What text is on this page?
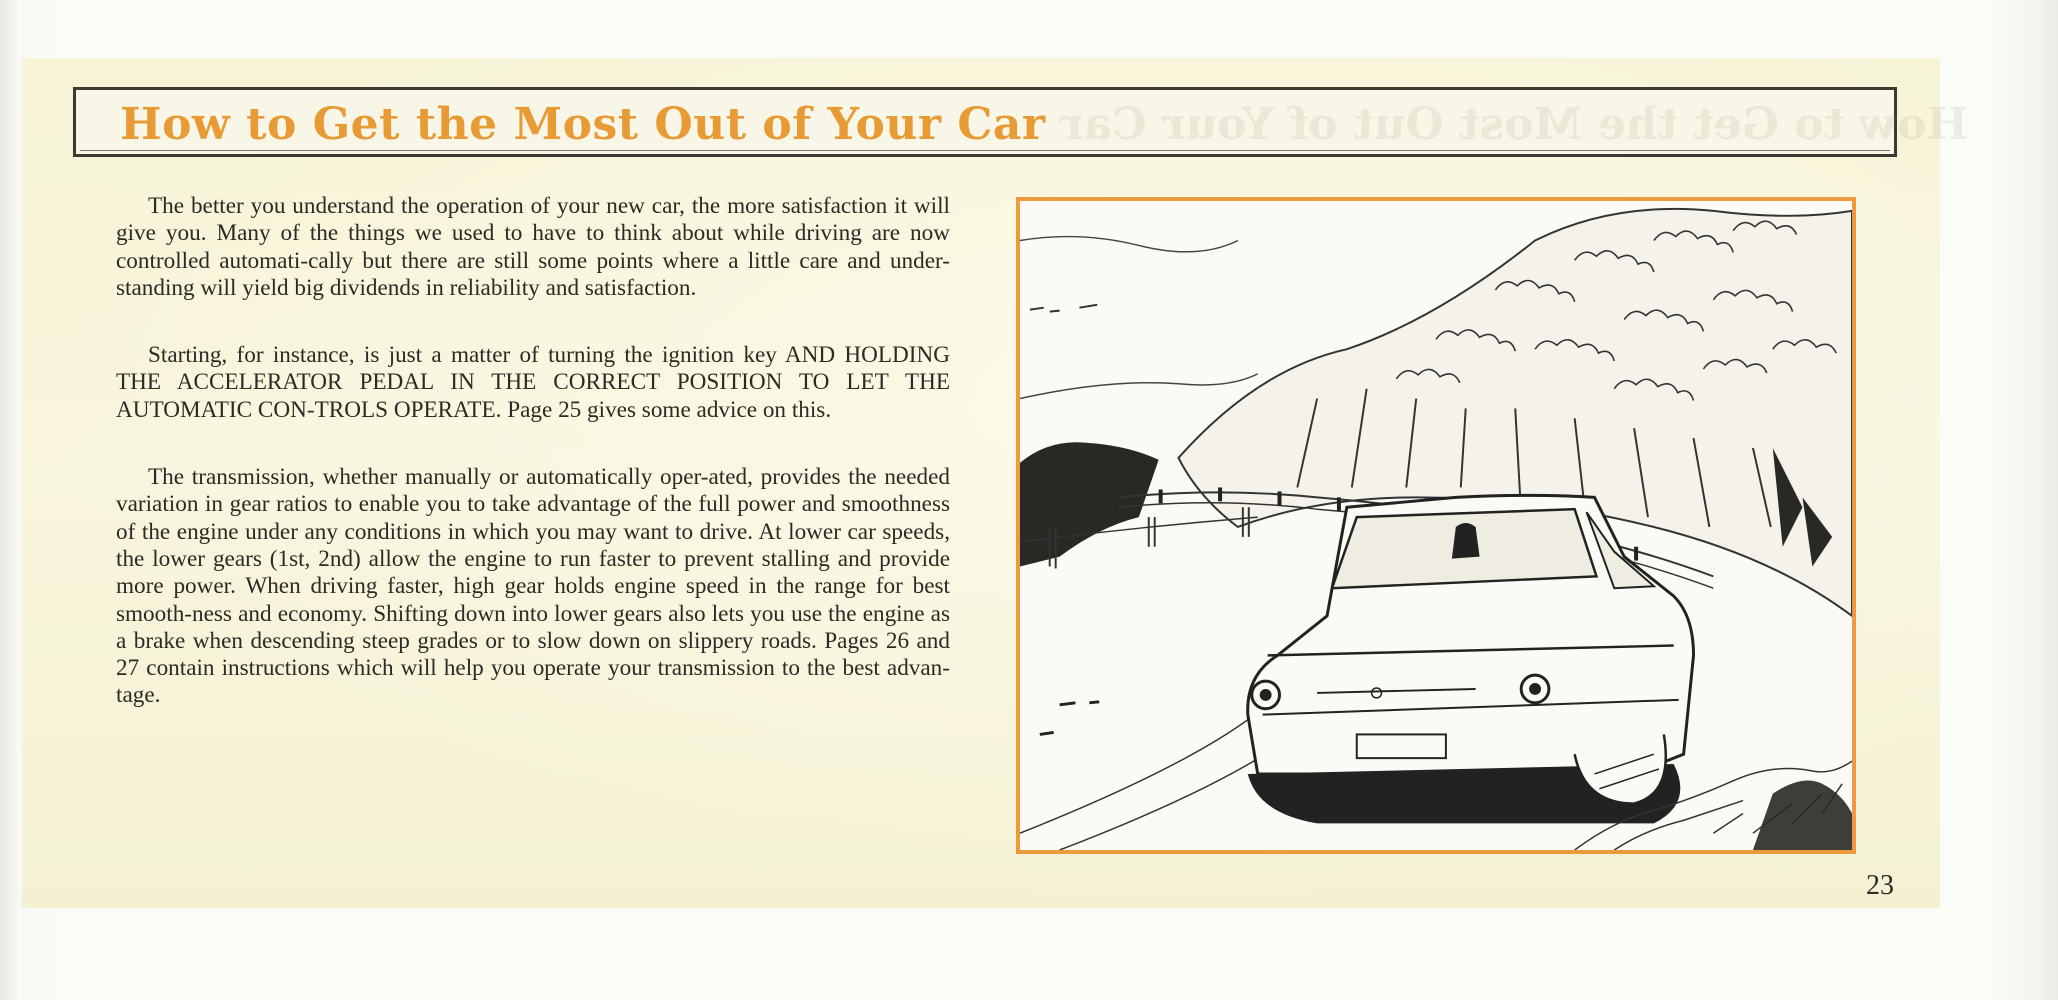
How to Get the Most Out of Your Car
How to Get the Most Out of Your Car

The better you understand the operation of your new car, the more satisfaction it will give you. Many of the things we used to have to think about while driving are now controlled automati-cally but there are still some points where a little care and under-standing will yield big dividends in reliability and satisfaction.

Starting, for instance, is just a matter of turning the ignition key AND HOLDING THE ACCELERATOR PEDAL IN THE CORRECT POSITION TO LET THE AUTOMATIC CON-TROLS OPERATE. Page 25 gives some advice on this.

The transmission, whether manually or automatically oper-ated, provides the needed variation in gear ratios to enable you to take advantage of the full power and smoothness of the engine under any conditions in which you may want to drive. At lower car speeds, the lower gears (1st, 2nd) allow the engine to run faster to prevent stalling and provide more power. When driving faster, high gear holds engine speed in the range for best smooth-ness and economy. Shifting down into lower gears also lets you use the engine as a brake when descending steep grades or to slow down on slippery roads. Pages 26 and 27 contain instructions which will help you operate your transmission to the best advan-tage.

23
